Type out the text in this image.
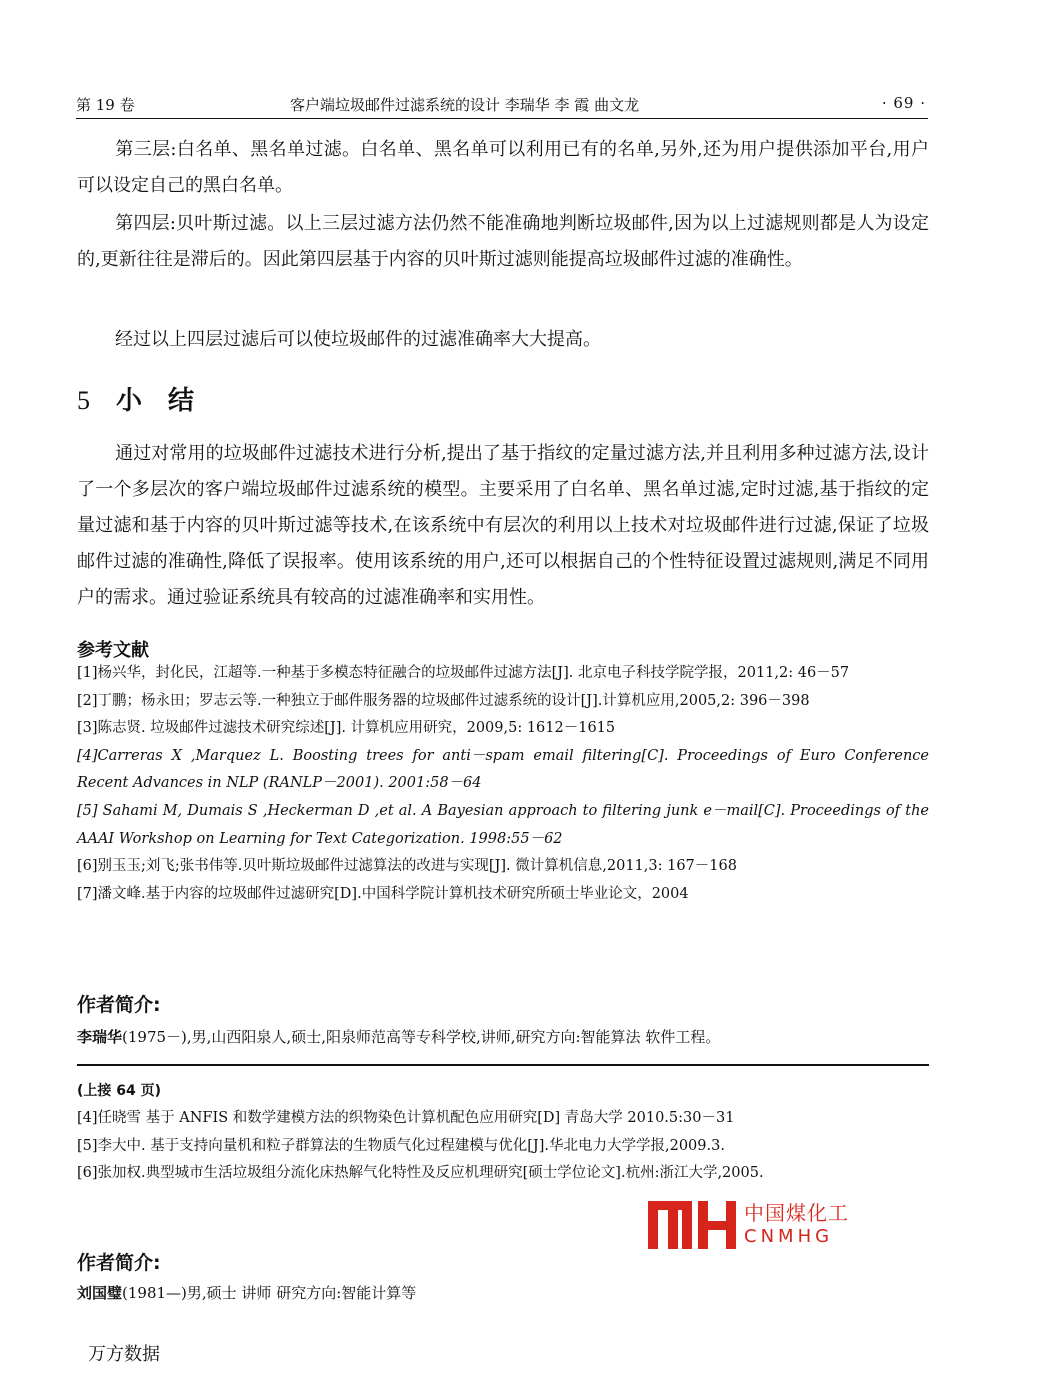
第 19 卷	客户端垃圾邮件过滤系统的设计 李瑞华 李 霞 曲文龙	· 69 ·

第三层:白名单、黑名单过滤。白名单、黑名单可以利用已有的名单,另外,还为用户提供添加平台,用户可以设定自己的黑白名单。

第四层:贝叶斯过滤。以上三层过滤方法仍然不能准确地判断垃圾邮件,因为以上过滤规则都是人为设定的,更新往往是滞后的。因此第四层基于内容的贝叶斯过滤则能提高垃圾邮件过滤的准确性。

经过以上四层过滤后可以使垃圾邮件的过滤准确率大大提高。

5 小结

通过对常用的垃圾邮件过滤技术进行分析,提出了基于指纹的定量过滤方法,并且利用多种过滤方法,设计了一个多层次的客户端垃圾邮件过滤系统的模型。主要采用了白名单、黑名单过滤,定时过滤,基于指纹的定量过滤和基于内容的贝叶斯过滤等技术,在该系统中有层次的利用以上技术对垃圾邮件进行过滤,保证了垃圾邮件过滤的准确性,降低了误报率。使用该系统的用户,还可以根据自己的个性特征设置过滤规则,满足不同用户的需求。通过验证系统具有较高的过滤准确率和实用性。

参考文献
[1]杨兴华，封化民，江超等.一种基于多模态特征融合的垃圾邮件过滤方法[J]. 北京电子科技学院学报，2011,2: 46－57
[2]丁鹏；杨永田；罗志云等.一种独立于邮件服务器的垃圾邮件过滤系统的设计[J].计算机应用,2005,2: 396－398
[3]陈志贤. 垃圾邮件过滤技术研究综述[J]. 计算机应用研究，2009,5: 1612－1615
[4]Carreras X ,Marquez L. Boosting trees for anti－spam email filtering[C]. Proceedings of Euro Conference Recent Advances in NLP (RANLP－2001). 2001:58－64
[5] Sahami M, Dumais S ,Heckerman D ,et al. A Bayesian approach to filtering junk e－mail[C]. Proceedings of the AAAI Workshop on Learning for Text Categorization. 1998:55－62
[6]别玉玉;刘飞;张书伟等.贝叶斯垃圾邮件过滤算法的改进与实现[J]. 微计算机信息,2011,3: 167－168
[7]潘文峰.基于内容的垃圾邮件过滤研究[D].中国科学院计算机技术研究所硕士毕业论文，2004
作者简介:
李瑞华(1975－),男,山西阳泉人,硕士,阳泉师范高等专科学校,讲师,研究方向:智能算法 软件工程。
(上接 64 页)
[4]任晓雪 基于 ANFIS 和数学建模方法的织物染色计算机配色应用研究[D] 青岛大学 2010.5:30－31
[5]李大中. 基于支持向量机和粒子群算法的生物质气化过程建模与优化[J].华北电力大学学报,2009.3.
[6]张加权.典型城市生活垃圾组分流化床热解气化特性及反应机理研究[硕士学位论文].杭州:浙江大学,2005.
中国煤化工
CNMHG
作者简介:
刘国璧(1981—)男,硕士 讲师 研究方向:智能计算等
万方数据
